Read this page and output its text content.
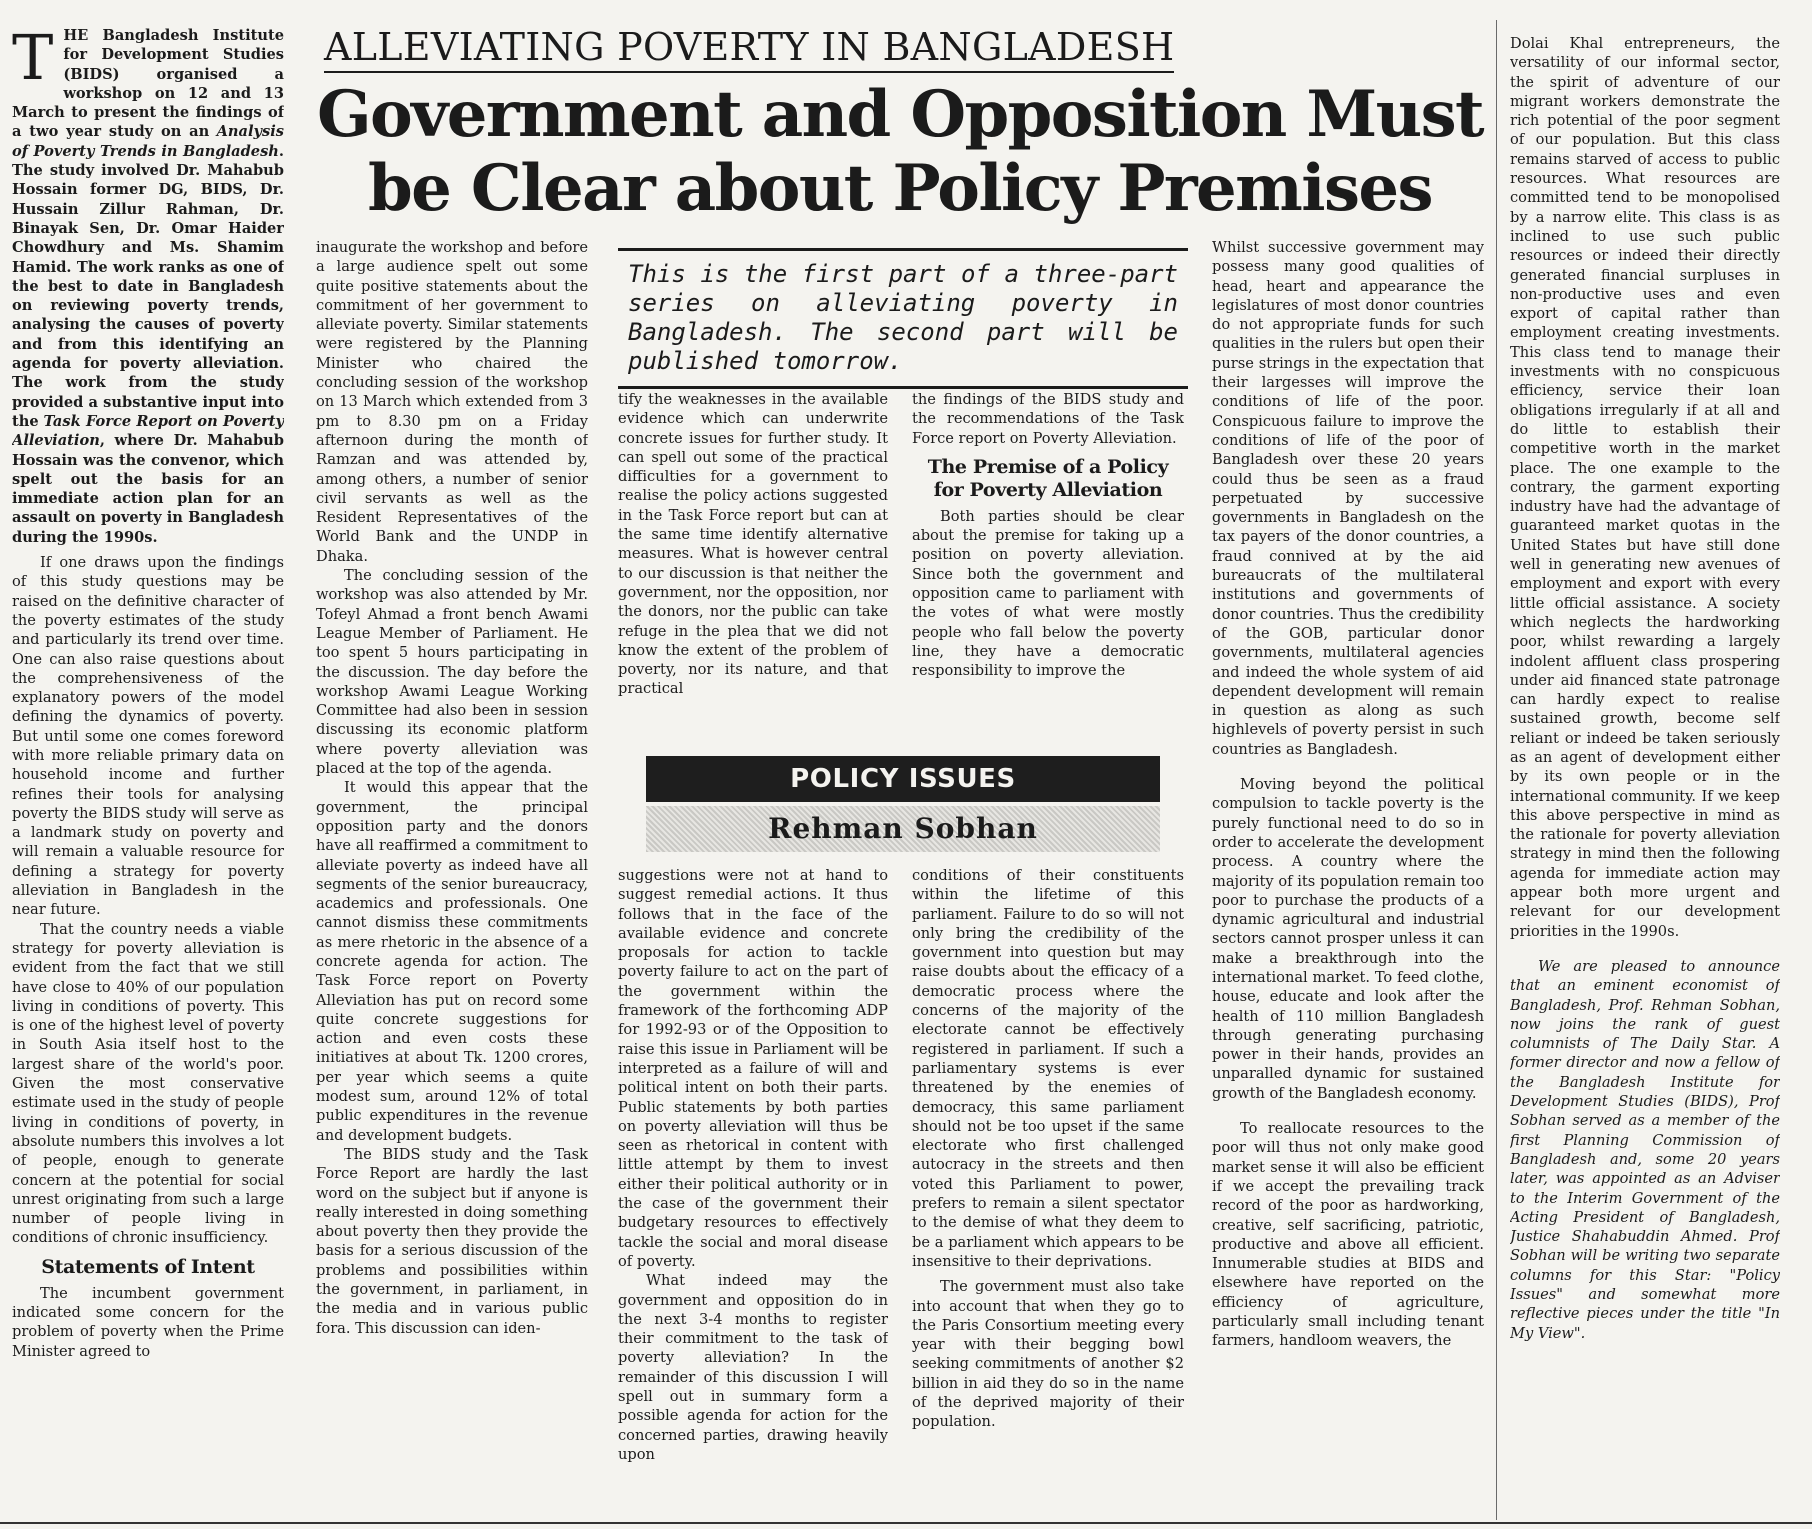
ALLEVIATING POVERTY IN BANGLADESH
Government and Opposition Must
be Clear about Policy Premises
This is the first part of a three-part series on alleviating poverty in Bangladesh. The second part will be published tomorrow.
POLICY ISSUES
Rehman Sobhan

THE Bangladesh Institute for Development Studies (BIDS) organised a workshop on 12 and 13 March to present the findings of a two year study on an Analysis of Poverty Trends in Bangladesh. The study involved Dr. Mahabub Hossain former DG, BIDS, Dr. Hussain Zillur Rahman, Dr. Binayak Sen, Dr. Omar Haider Chowdhury and Ms. Shamim Hamid. The work ranks as one of the best to date in Bangladesh on reviewing poverty trends, analysing the causes of poverty and from this identifying an agenda for poverty alleviation. The work from the study provided a substantive input into the Task Force Report on Poverty Alleviation, where Dr. Mahabub Hossain was the convenor, which spelt out the basis for an immediate action plan for an assault on poverty in Bangladesh during the 1990s.

If one draws upon the findings of this study questions may be raised on the definitive character of the poverty estimates of the study and particularly its trend over time. One can also raise questions about the comprehensiveness of the explanatory powers of the model defining the dynamics of poverty. But until some one comes foreword with more reliable primary data on household income and further refines their tools for analysing poverty the BIDS study will serve as a landmark study on poverty and will remain a valuable resource for defining a strategy for poverty alleviation in Bangladesh in the near future.

That the country needs a viable strategy for poverty alleviation is evident from the fact that we still have close to 40% of our population living in conditions of poverty. This is one of the highest level of poverty in South Asia itself host to the largest share of the world's poor. Given the most conservative estimate used in the study of people living in conditions of poverty, in absolute numbers this involves a lot of people, enough to generate concern at the potential for social unrest originating from such a large number of people living in conditions of chronic insufficiency.

Statements of Intent

The incumbent government indicated some concern for the problem of poverty when the Prime Minister agreed to

inaugurate the workshop and before a large audience spelt out some quite positive statements about the commitment of her government to alleviate poverty. Similar statements were registered by the Planning Minister who chaired the concluding session of the workshop on 13 March which extended from 3 pm to 8.30 pm on a Friday afternoon during the month of Ramzan and was attended by, among others, a number of senior civil servants as well as the Resident Representatives of the World Bank and the UNDP in Dhaka.

The concluding session of the workshop was also attended by Mr. Tofeyl Ahmad a front bench Awami League Member of Parliament. He too spent 5 hours participating in the discussion. The day before the workshop Awami League Working Committee had also been in session discussing its economic platform where poverty alleviation was placed at the top of the agenda.

It would this appear that the government, the principal opposition party and the donors have all reaffirmed a commitment to alleviate poverty as indeed have all segments of the senior bureaucracy, academics and professionals. One cannot dismiss these commitments as mere rhetoric in the absence of a concrete agenda for action. The Task Force report on Poverty Alleviation has put on record some quite concrete suggestions for action and even costs these initiatives at about Tk. 1200 crores, per year which seems a quite modest sum, around 12% of total public expenditures in the revenue and development budgets.

The BIDS study and the Task Force Report are hardly the last word on the subject but if anyone is really interested in doing something about poverty then they provide the basis for a serious discussion of the problems and possibilities within the government, in parliament, in the media and in various public fora. This discussion can iden-

tify the weaknesses in the available evidence which can underwrite concrete issues for further study. It can spell out some of the practical difficulties for a government to realise the policy actions suggested in the Task Force report but can at the same time identify alternative measures. What is however central to our discussion is that neither the government, nor the opposition, nor the donors, nor the public can take refuge in the plea that we did not know the extent of the problem of poverty, nor its nature, and that practical

the findings of the BIDS study and the recommendations of the Task Force report on Poverty Alleviation.

The Premise of a Policy for Poverty Alleviation

Both parties should be clear about the premise for taking up a position on poverty alleviation. Since both the government and opposition came to parliament with the votes of what were mostly people who fall below the poverty line, they have a democratic responsibility to improve the

suggestions were not at hand to suggest remedial actions. It thus follows that in the face of the available evidence and concrete proposals for action to tackle poverty failure to act on the part of the government within the framework of the forthcoming ADP for 1992-93 or of the Opposition to raise this issue in Parliament will be interpreted as a failure of will and political intent on both their parts. Public statements by both parties on poverty alleviation will thus be seen as rhetorical in content with little attempt by them to invest either their political authority or in the case of the government their budgetary resources to effectively tackle the social and moral disease of poverty.

What indeed may the government and opposition do in the next 3-4 months to register their commitment to the task of poverty alleviation? In the remainder of this discussion I will spell out in summary form a possible agenda for action for the concerned parties, drawing heavily upon

conditions of their constituents within the lifetime of this parliament. Failure to do so will not only bring the credibility of the government into question but may raise doubts about the efficacy of a democratic process where the concerns of the majority of the electorate cannot be effectively registered in parliament. If such a parliamentary systems is ever threatened by the enemies of democracy, this same parliament should not be too upset if the same electorate who first challenged autocracy in the streets and then voted this Parliament to power, prefers to remain a silent spectator to the demise of what they deem to be a parliament which appears to be insensitive to their deprivations.

The government must also take into account that when they go to the Paris Consortium meeting every year with their begging bowl seeking commitments of another $2 billion in aid they do so in the name of the deprived majority of their population.

Whilst successive government may possess many good qualities of head, heart and appearance the legislatures of most donor countries do not appropriate funds for such qualities in the rulers but open their purse strings in the expectation that their largesses will improve the conditions of life of the poor. Conspicuous failure to improve the conditions of life of the poor of Bangladesh over these 20 years could thus be seen as a fraud perpetuated by successive governments in Bangladesh on the tax payers of the donor countries, a fraud connived at by the aid bureaucrats of the multilateral institutions and governments of donor countries. Thus the credibility of the GOB, particular donor governments, multilateral agencies and indeed the whole system of aid dependent development will remain in question as along as such highlevels of poverty persist in such countries as Bangladesh.

Moving beyond the political compulsion to tackle poverty is the purely functional need to do so in order to accelerate the development process. A country where the majority of its population remain too poor to purchase the products of a dynamic agricultural and industrial sectors cannot prosper unless it can make a breakthrough into the international market. To feed clothe, house, educate and look after the health of 110 million Bangladesh through generating purchasing power in their hands, provides an unparalled dynamic for sustained growth of the Bangladesh economy.

To reallocate resources to the poor will thus not only make good market sense it will also be efficient if we accept the prevailing track record of the poor as hardworking, creative, self sacrificing, patriotic, productive and above all efficient. Innumerable studies at BIDS and elsewhere have reported on the efficiency of agriculture, particularly small including tenant farmers, handloom weavers, the

Dolai Khal entrepreneurs, the versatility of our informal sector, the spirit of adventure of our migrant workers demonstrate the rich potential of the poor segment of our population. But this class remains starved of access to public resources. What resources are committed tend to be monopolised by a narrow elite. This class is as inclined to use such public resources or indeed their directly generated financial surpluses in non-productive uses and even export of capital rather than employment creating investments. This class tend to manage their investments with no conspicuous efficiency, service their loan obligations irregularly if at all and do little to establish their competitive worth in the market place. The one example to the contrary, the garment exporting industry have had the advantage of guaranteed market quotas in the United States but have still done well in generating new avenues of employment and export with every little official assistance. A society which neglects the hardworking poor, whilst rewarding a largely indolent affluent class prospering under aid financed state patronage can hardly expect to realise sustained growth, become self reliant or indeed be taken seriously as an agent of development either by its own people or in the international community. If we keep this above perspective in mind as the rationale for poverty alleviation strategy in mind then the following agenda for immediate action may appear both more urgent and relevant for our development priorities in the 1990s.

We are pleased to announce that an eminent economist of Bangladesh, Prof. Rehman Sobhan, now joins the rank of guest columnists of The Daily Star. A former director and now a fellow of the Bangladesh Institute for Development Studies (BIDS), Prof Sobhan served as a member of the first Planning Commission of Bangladesh and, some 20 years later, was appointed as an Adviser to the Interim Government of the Acting President of Bangladesh, Justice Shahabuddin Ahmed. Prof Sobhan will be writing two separate columns for this Star: "Policy Issues" and somewhat more reflective pieces under the title "In My View".
